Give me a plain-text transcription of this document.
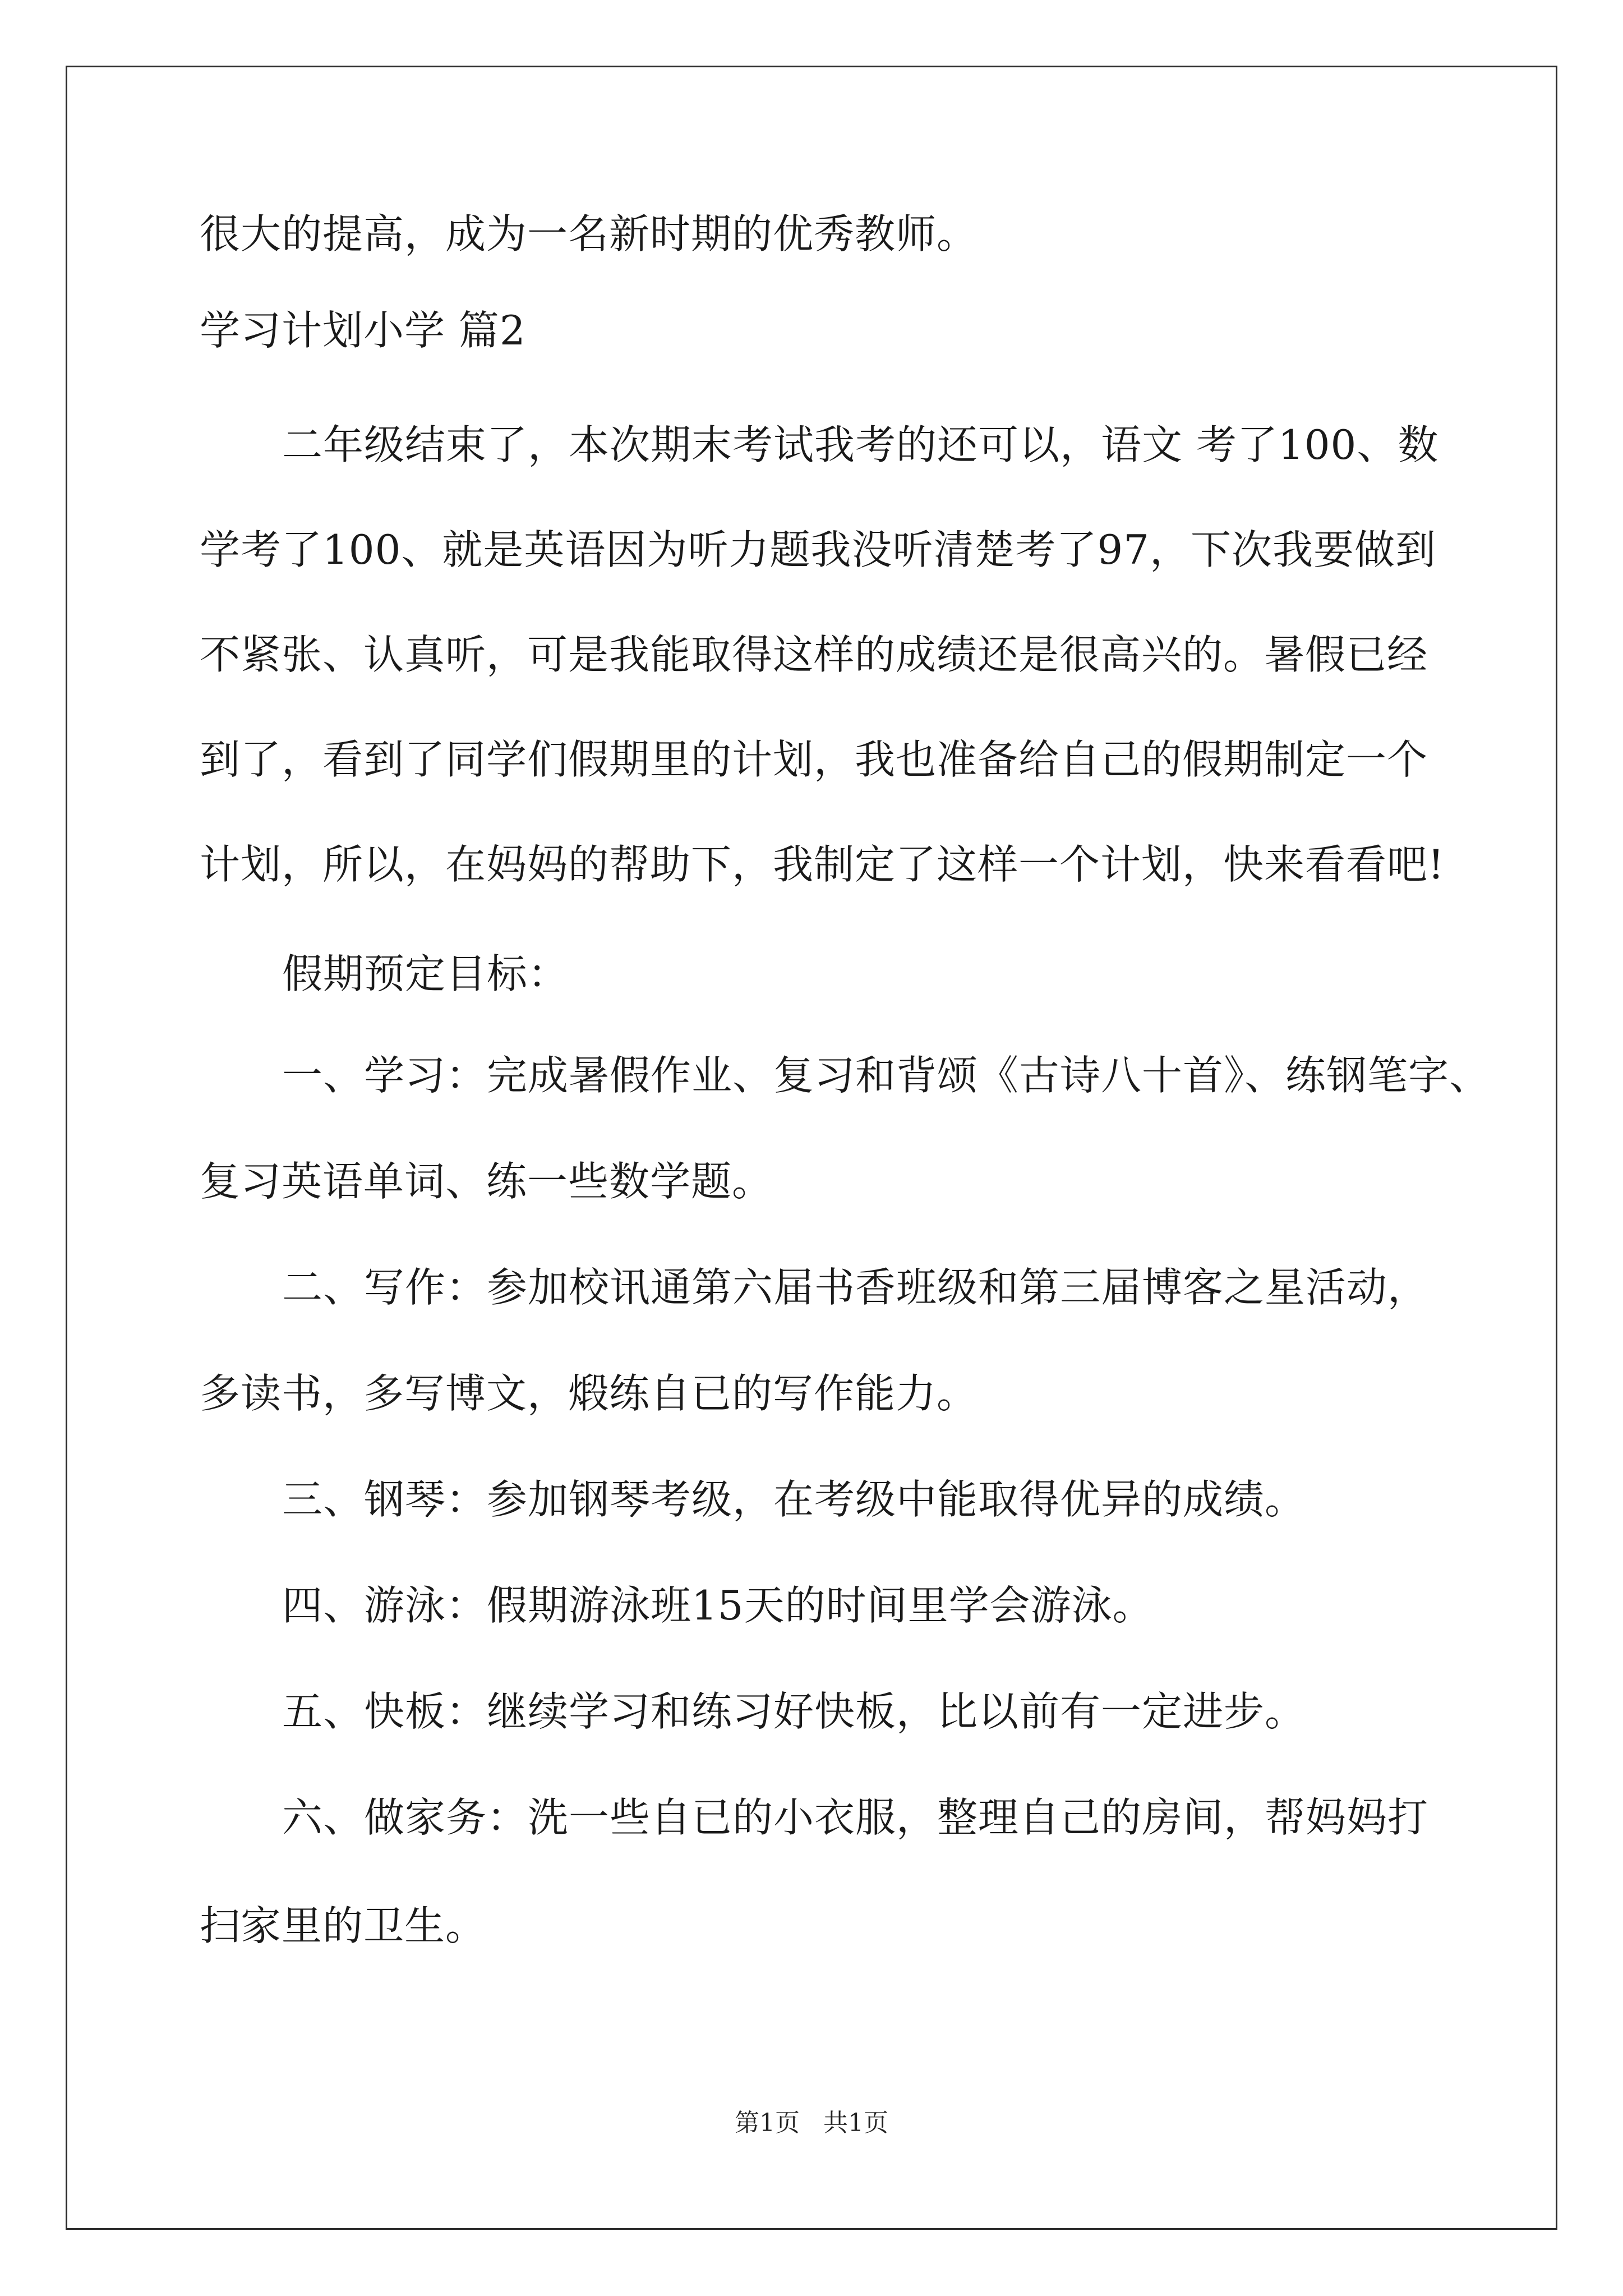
很大的提高，成为一名新时期的优秀教师。
学习计划小学 篇2
二年级结束了，本次期末考试我考的还可以，语文 考了100、数
学考了100、就是英语因为听力题我没听清楚考了97，下次我要做到
不紧张、认真听，可是我能取得这样的成绩还是很高兴的。暑假已经
到了，看到了同学们假期里的计划，我也准备给自己的假期制定一个
计划，所以，在妈妈的帮助下，我制定了这样一个计划，快来看看吧!
假期预定目标：
一、学习：完成暑假作业、复习和背颂《古诗八十首》、练钢笔字、
复习英语单词、练一些数学题。
二、写作：参加校讯通第六届书香班级和第三届博客之星活动，
多读书，多写博文，煅练自已的写作能力。
三、钢琴：参加钢琴考级，在考级中能取得优异的成绩。
四、游泳：假期游泳班15天的时间里学会游泳。
五、快板：继续学习和练习好快板，比以前有一定进步。
六、做家务：洗一些自已的小衣服，整理自己的房间，帮妈妈打
扫家里的卫生。
第1页   共1页
